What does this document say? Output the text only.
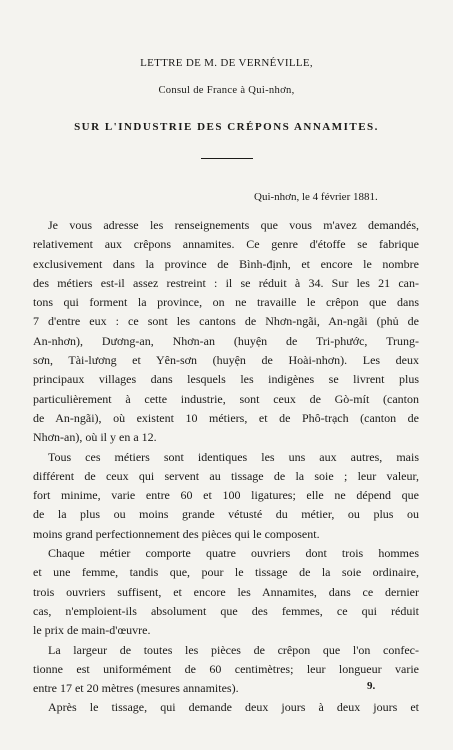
LETTRE DE M. DE VERNÉVILLE,
Consul de France à Qui-nhơn,
SUR L'INDUSTRIE DES CRÉPONS ANNAMITES.
Qui-nhơn, le 4 février 1881.
Je vous adresse les renseignements que vous m'avez demandés,
relativement aux crêpons annamites. Ce genre d'étoffe se fabrique
exclusivement dans la province de Bình-định, et encore le nombre
des métiers est-il assez restreint : il se réduit à 34. Sur les 21 can-
tons qui forment la province, on ne travaille le crêpon que dans
7 d'entre eux : ce sont les cantons de Nhơn-ngãi, An-ngãi (phủ de
An-nhơn), Dương-an, Nhơn-an (huyện de Tri-phước, Trung-
sơn, Tài-lương et Yên-sơn (huyện de Hoài-nhơn). Les deux
principaux villages dans lesquels les indigènes se livrent plus
particulièrement à cette industrie, sont ceux de Gò-mít (canton
de An-ngãi), où existent 10 métiers, et de Phô-trạch (canton de
Nhơn-an), où il y en a 12.
Tous ces métiers sont identiques les uns aux autres, mais
différent de ceux qui servent au tissage de la soie ; leur valeur,
fort minime, varie entre 60 et 100 ligatures; elle ne dépend que
de la plus ou moins grande vétusté du métier, ou plus ou
moins grand perfectionnement des pièces qui le composent.
Chaque métier comporte quatre ouvriers dont trois hommes
et une femme, tandis que, pour le tissage de la soie ordinaire,
trois ouvriers suffisent, et encore les Annamites, dans ce dernier
cas, n'emploient-ils absolument que des femmes, ce qui réduit
le prix de main-d'œuvre.
La largeur de toutes les pièces de crêpon que l'on confec-
tionne est uniformément de 60 centimètres; leur longueur varie
entre 17 et 20 mètres (mesures annamites).
Après le tissage, qui demande deux jours à deux jours et
9.
